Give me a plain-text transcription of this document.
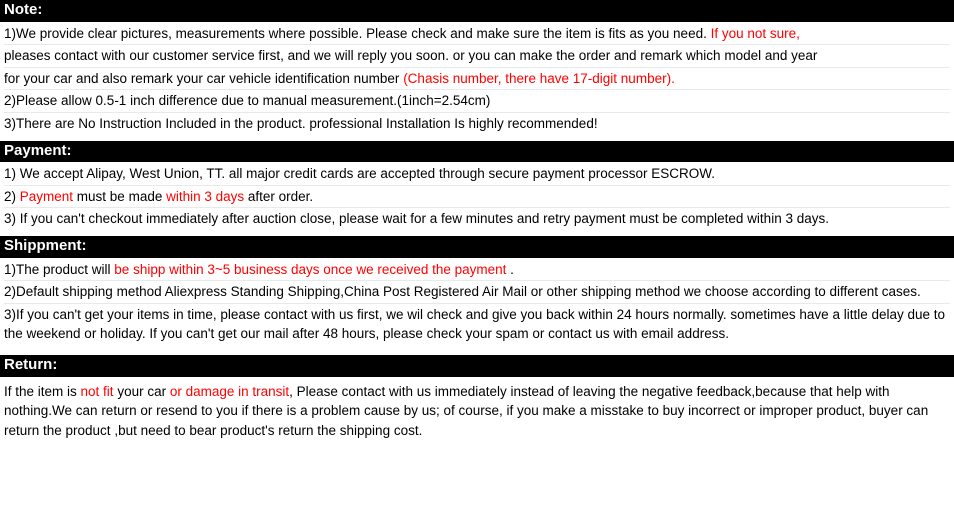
Note:
1)We provide clear pictures, measurements where possible. Please check and make sure the item is fits as you need. If you not sure,
pleases contact with our customer service first, and we will reply you soon. or you can make the order and remark which model and year
for your car and also remark your car vehicle identification number (Chasis number, there have 17-digit number).
2)Please allow 0.5-1 inch difference due to manual measurement.(1inch=2.54cm)
3)There are No Instruction Included in the product. professional Installation Is highly recommended!
Payment:
1) We accept Alipay, West Union, TT. all major credit cards are accepted through secure payment processor ESCROW.
2) Payment must be made within 3 days after order.
3) If you can't checkout immediately after auction close, please wait for a few minutes and retry payment must be completed within 3 days.
Shippment:
1)The product will be shipp within 3~5 business days once we received the payment .
2)Default shipping method Aliexpress Standing Shipping,China Post Registered Air Mail or other shipping method we choose according to different cases.
3)If you can't get your items in time, please contact with us first, we wil check and give you back within 24 hours normally. sometimes have a little delay due to the weekend or holiday. If you can't get our mail after 48 hours, please check your spam or contact us with email address.
Return:
If the item is not fit your car or damage in transit, Please contact with us immediately instead of leaving the negative feedback,because that help with nothing.We can return or resend to you if there is a problem cause by us; of course, if you make a misstake to buy incorrect or improper product, buyer can return the product ,but need to bear product's return the shipping cost.
